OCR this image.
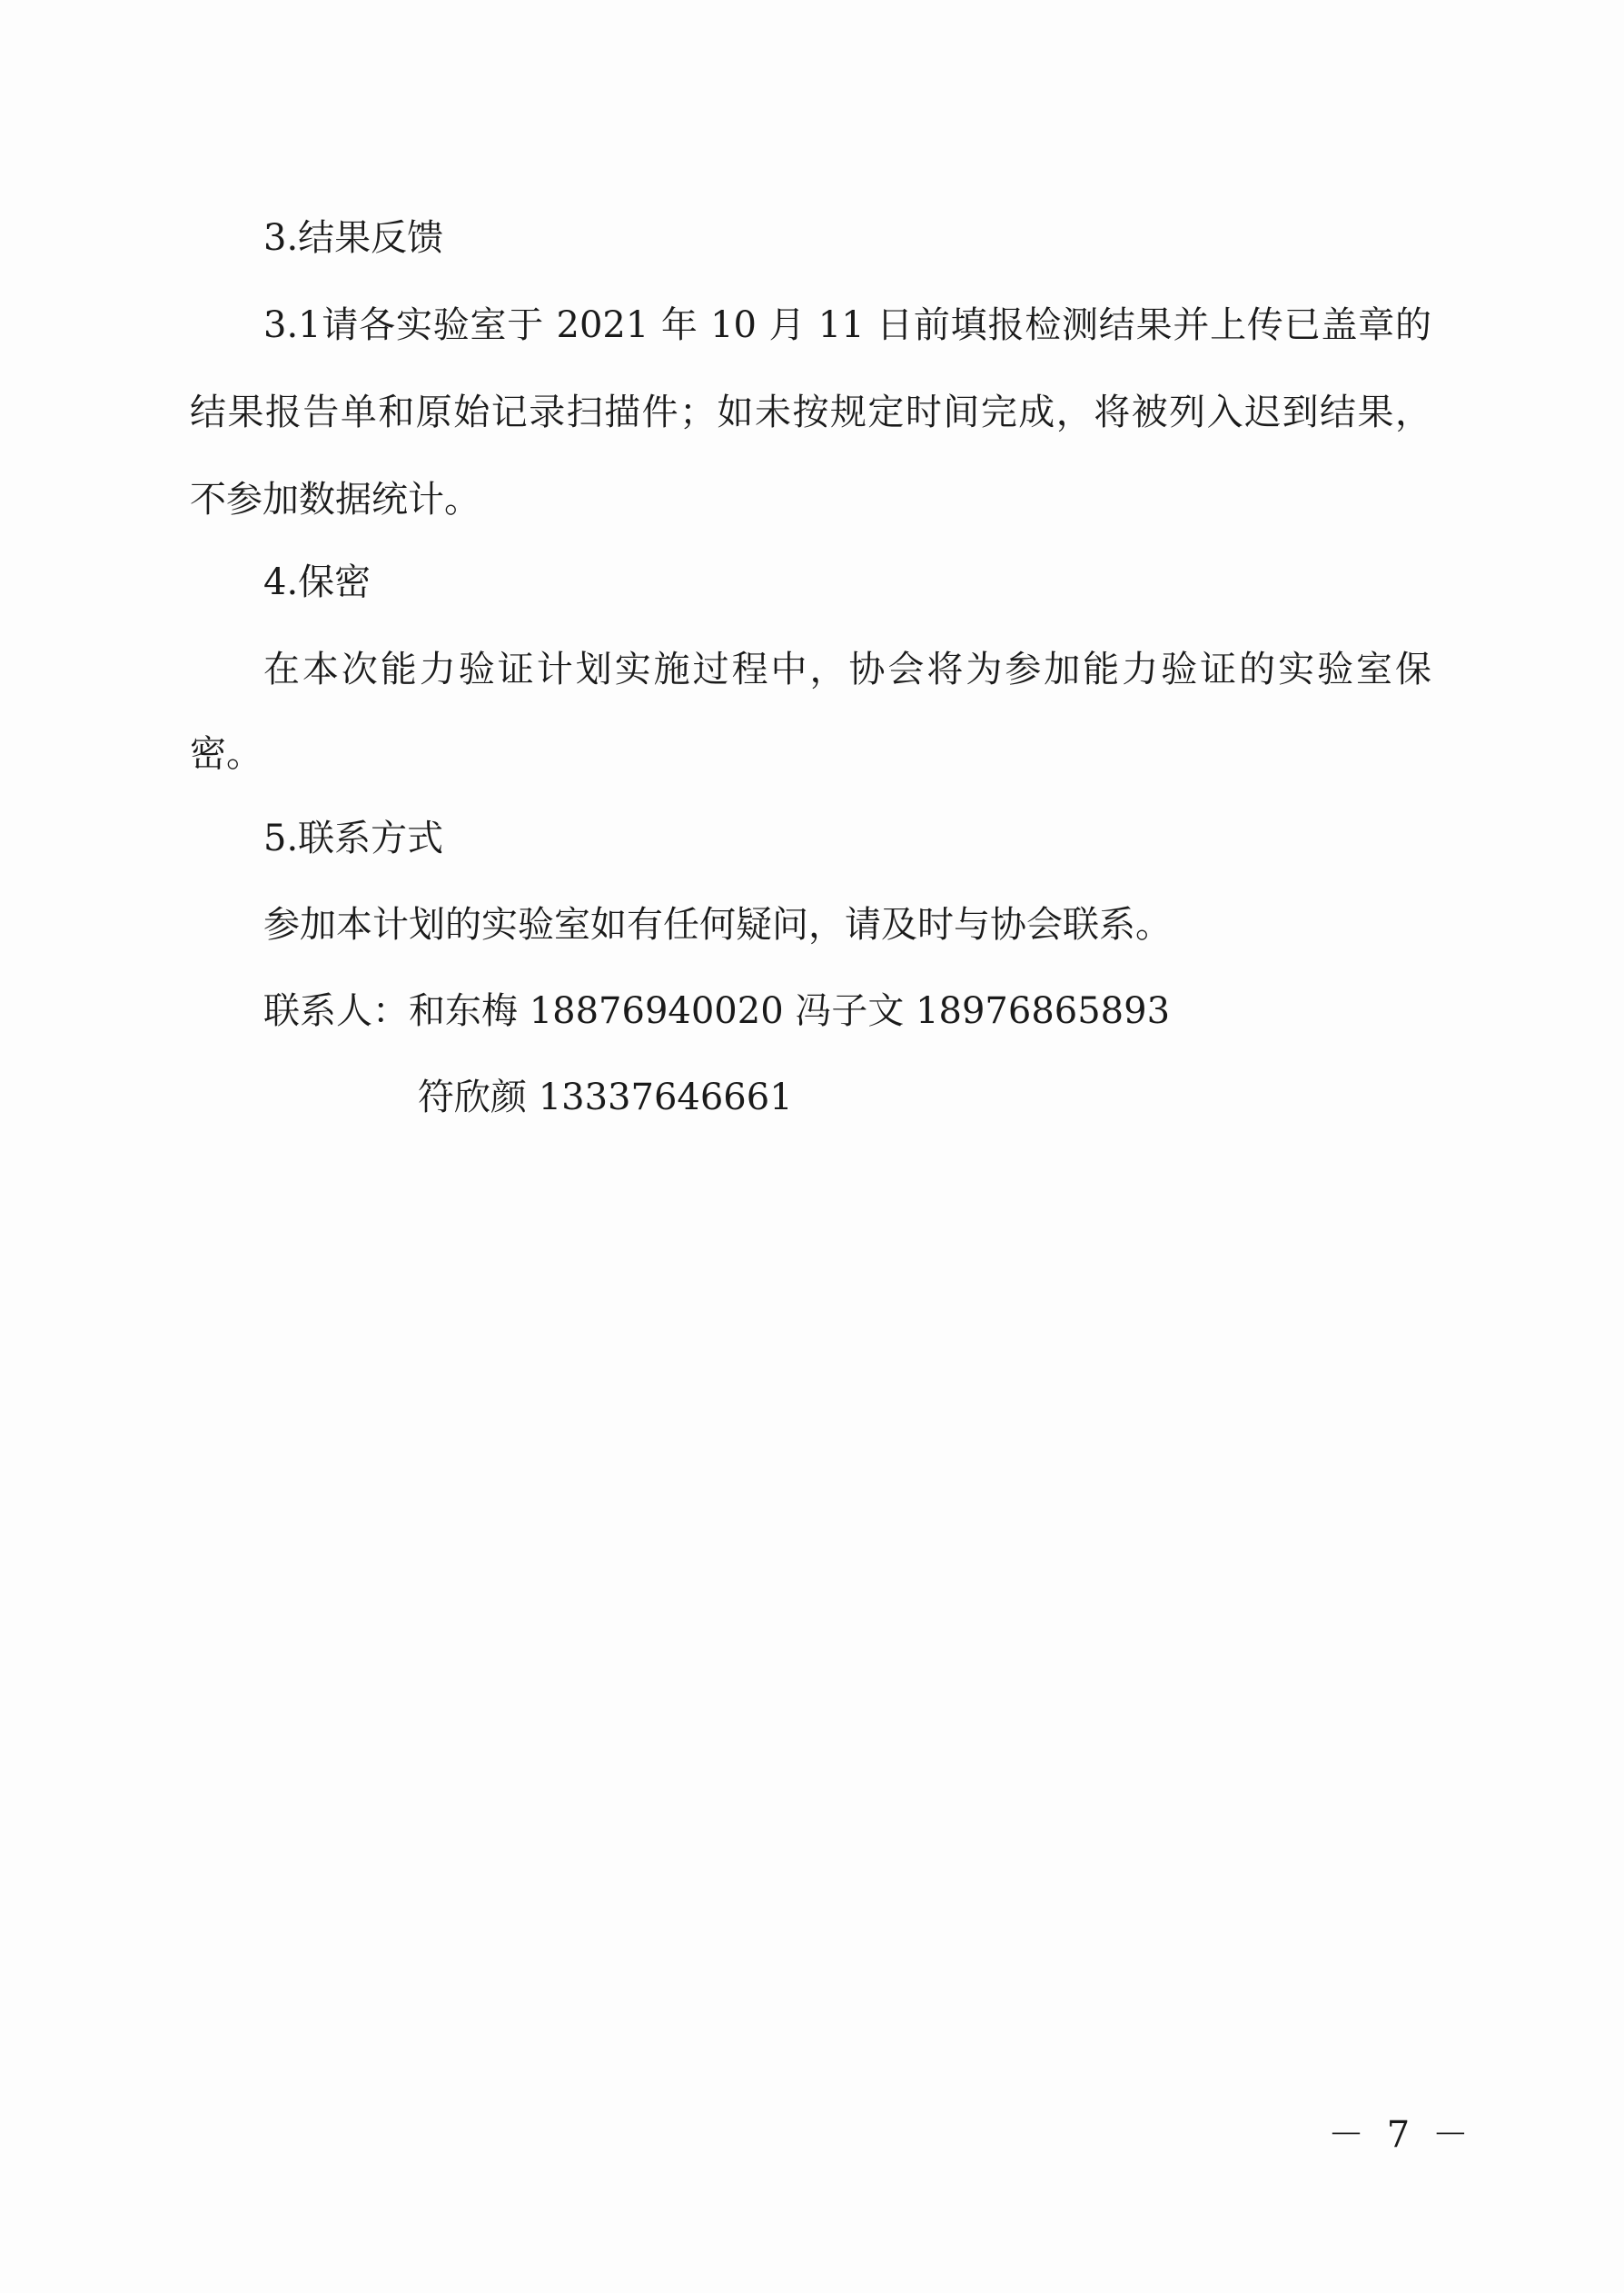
3.结果反馈
3.1请各实验室于 2021 年 10 月 11 日前填报检测结果并上传已盖章的
结果报告单和原始记录扫描件；如未按规定时间完成，将被列入迟到结果，
不参加数据统计。
4.保密
在本次能力验证计划实施过程中，协会将为参加能力验证的实验室保
密。
5.联系方式
参加本计划的实验室如有任何疑问，请及时与协会联系。
联系人：和东梅 18876940020 冯子文 18976865893
符欣颜 13337646661
－ 7 －
